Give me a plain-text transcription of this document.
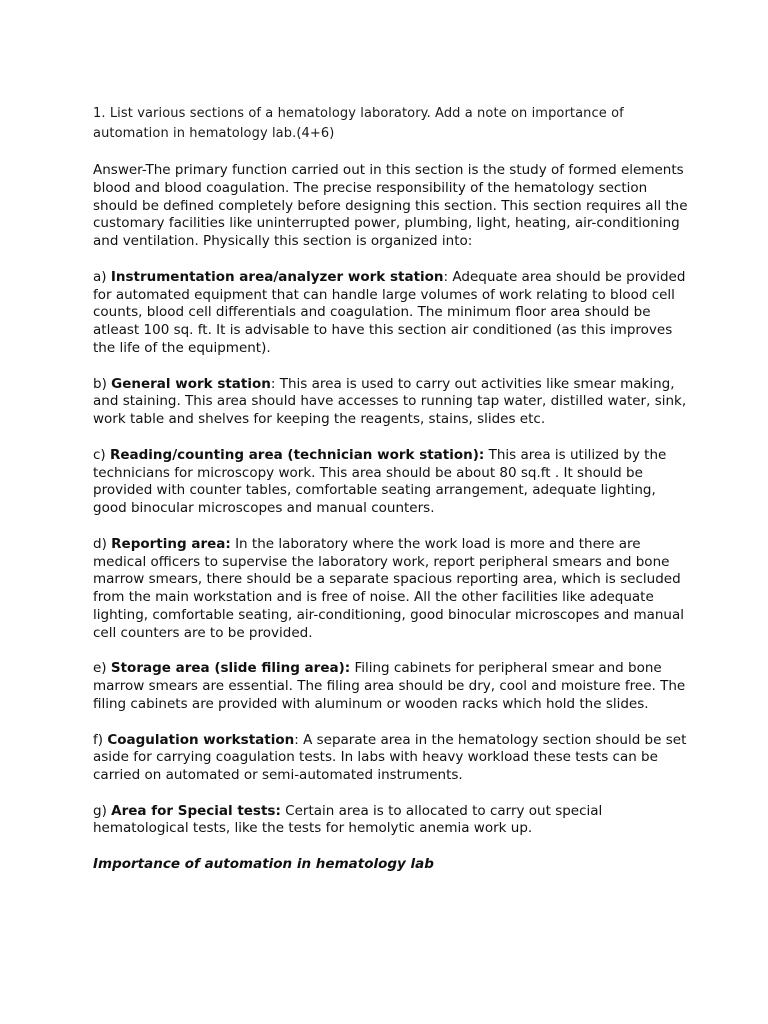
1. List various sections of a hematology laboratory. Add a note on importance of automation in hematology lab.(4+6)

Answer-The primary function carried out in this section is the study of formed elements blood and blood coagulation. The precise responsibility of the hematology section should be defined completely before designing this section. This section requires all the customary facilities like uninterrupted power, plumbing, light, heating, air-conditioning and ventilation. Physically this section is organized into:

a) Instrumentation area/analyzer work station: Adequate area should be provided for automated equipment that can handle large volumes of work relating to blood cell counts, blood cell differentials and coagulation. The minimum floor area should be atleast 100 sq. ft. It is advisable to have this section air conditioned (as this improves the life of the equipment).

b) General work station: This area is used to carry out activities like smear making, and staining. This area should have accesses to running tap water, distilled water, sink, work table and shelves for keeping the reagents, stains, slides etc.

c) Reading/counting area (technician work station): This area is utilized by the technicians for microscopy work. This area should be about 80 sq.ft . It should be provided with counter tables, comfortable seating arrangement, adequate lighting, good binocular microscopes and manual counters.

d) Reporting area: In the laboratory where the work load is more and there are medical officers to supervise the laboratory work, report peripheral smears and bone marrow smears, there should be a separate spacious reporting area, which is secluded from the main workstation and is free of noise. All the other facilities like adequate lighting, comfortable seating, air-conditioning, good binocular microscopes and manual cell counters are to be provided.

e) Storage area (slide filing area): Filing cabinets for peripheral smear and bone marrow smears are essential. The filing area should be dry, cool and moisture free. The filing cabinets are provided with aluminum or wooden racks which hold the slides.

f) Coagulation workstation: A separate area in the hematology section should be set aside for carrying coagulation tests. In labs with heavy workload these tests can be carried on automated or semi-automated instruments.

g) Area for Special tests: Certain area is to allocated to carry out special hematological tests, like the tests for hemolytic anemia work up.

Importance of automation in hematology lab
